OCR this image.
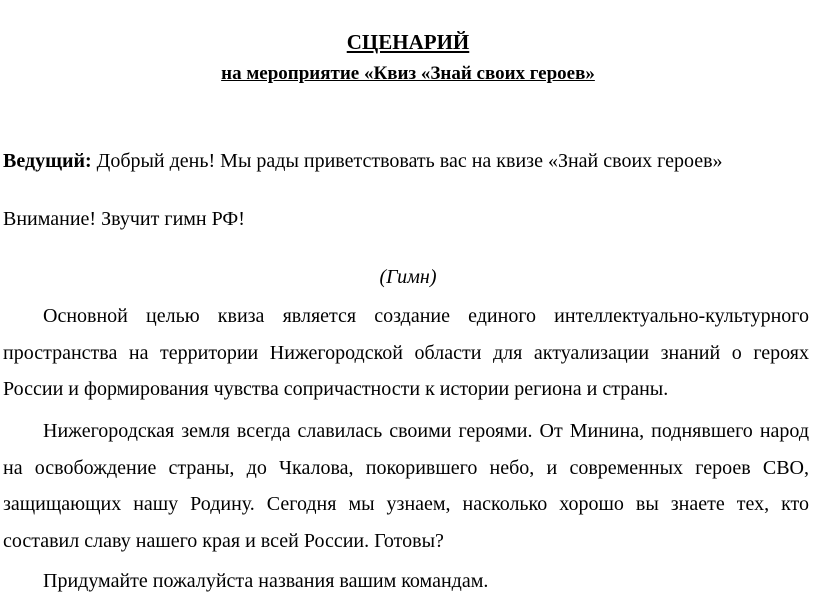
СЦЕНАРИЙ
на мероприятие «Квиз «Знай своих героев»
Ведущий: Добрый день! Мы рады приветствовать вас на квизе «Знай своих героев»
Внимание! Звучит гимн РФ!
(Гимн)
Основной целью квиза является создание единого интеллектуально-культурного пространства на территории Нижегородской области для актуализации знаний о героях России и формирования чувства сопричастности к истории региона и страны.
Нижегородская земля всегда славилась своими героями. От Минина, поднявшего народ на освобождение страны, до Чкалова, покорившего небо, и современных героев СВО, защищающих нашу Родину. Сегодня мы узнаем, насколько хорошо вы знаете тех, кто составил славу нашего края и всей России. Готовы?
Придумайте пожалуйста названия вашим командам.
